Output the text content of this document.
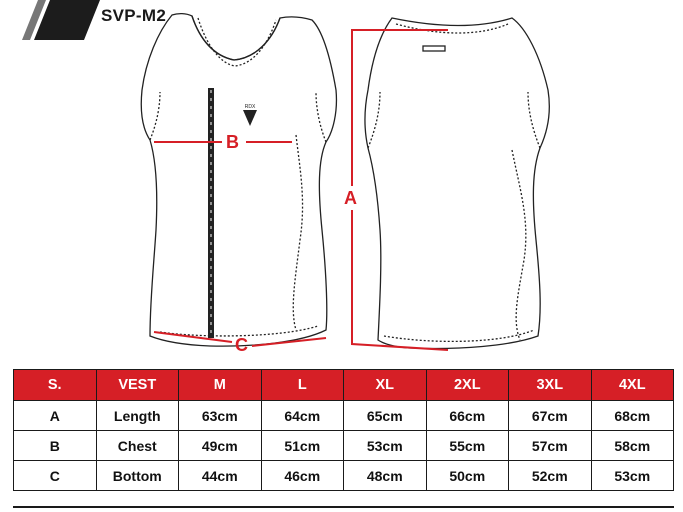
SVP-M2
RDX
B
C
A
S.	VEST	M	L	XL	2XL	3XL	4XL
A	Length	63cm	64cm	65cm	66cm	67cm	68cm
B	Chest	49cm	51cm	53cm	55cm	57cm	58cm
C	Bottom	44cm	46cm	48cm	50cm	52cm	53cm
